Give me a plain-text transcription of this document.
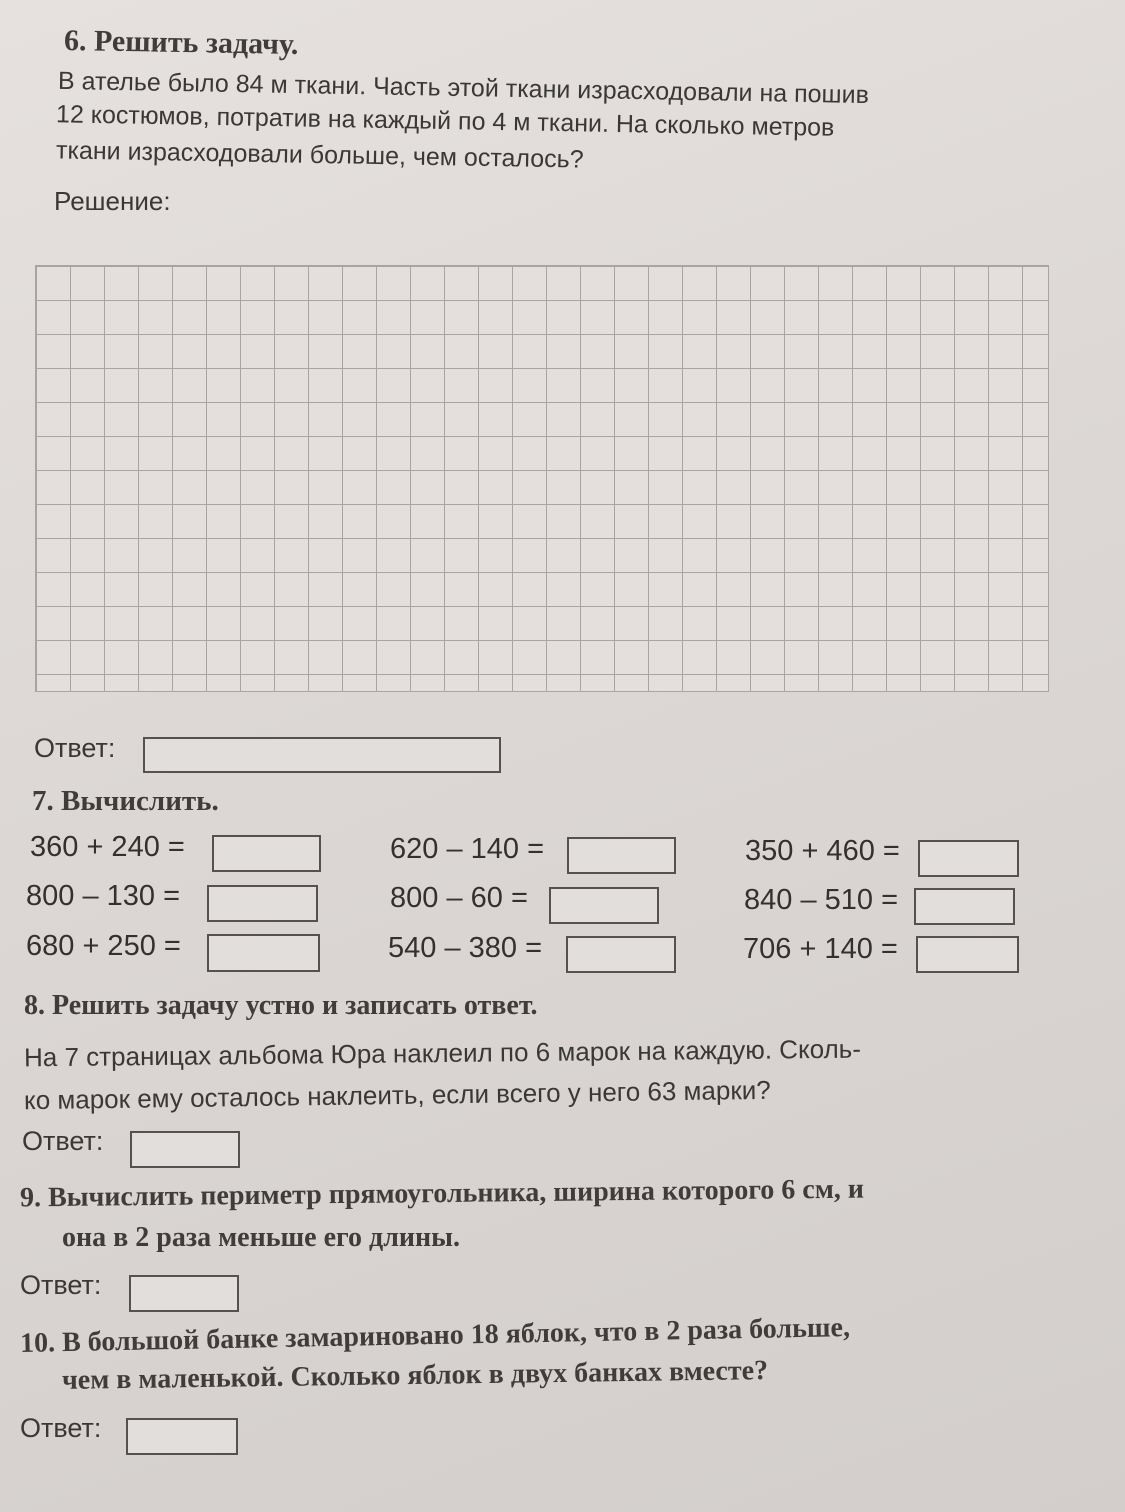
6. Решить задачу.
В ателье было 84 м ткани. Часть этой ткани израсходовали на пошив
12 костюмов, потратив на каждый по 4 м ткани. На сколько метров
ткани израсходовали больше, чем осталось?
Решение:
Ответ:
7. Вычислить.
360 + 240 =	620 – 140 =	350 + 460 =
800 – 130 =	800 – 60 =	840 – 510 =
680 + 250 =	540 – 380 =	706 + 140 =
8. Решить задачу устно и записать ответ.
На 7 страницах альбома Юра наклеил по 6 марок на каждую. Сколь-
ко марок ему осталось наклеить, если всего у него 63 марки?
Ответ:
9. Вычислить периметр прямоугольника, ширина которого 6 см, и
она в 2 раза меньше его длины.
Ответ:
10. В большой банке замариновано 18 яблок, что в 2 раза больше,
чем в маленькой. Сколько яблок в двух банках вместе?
Ответ:
